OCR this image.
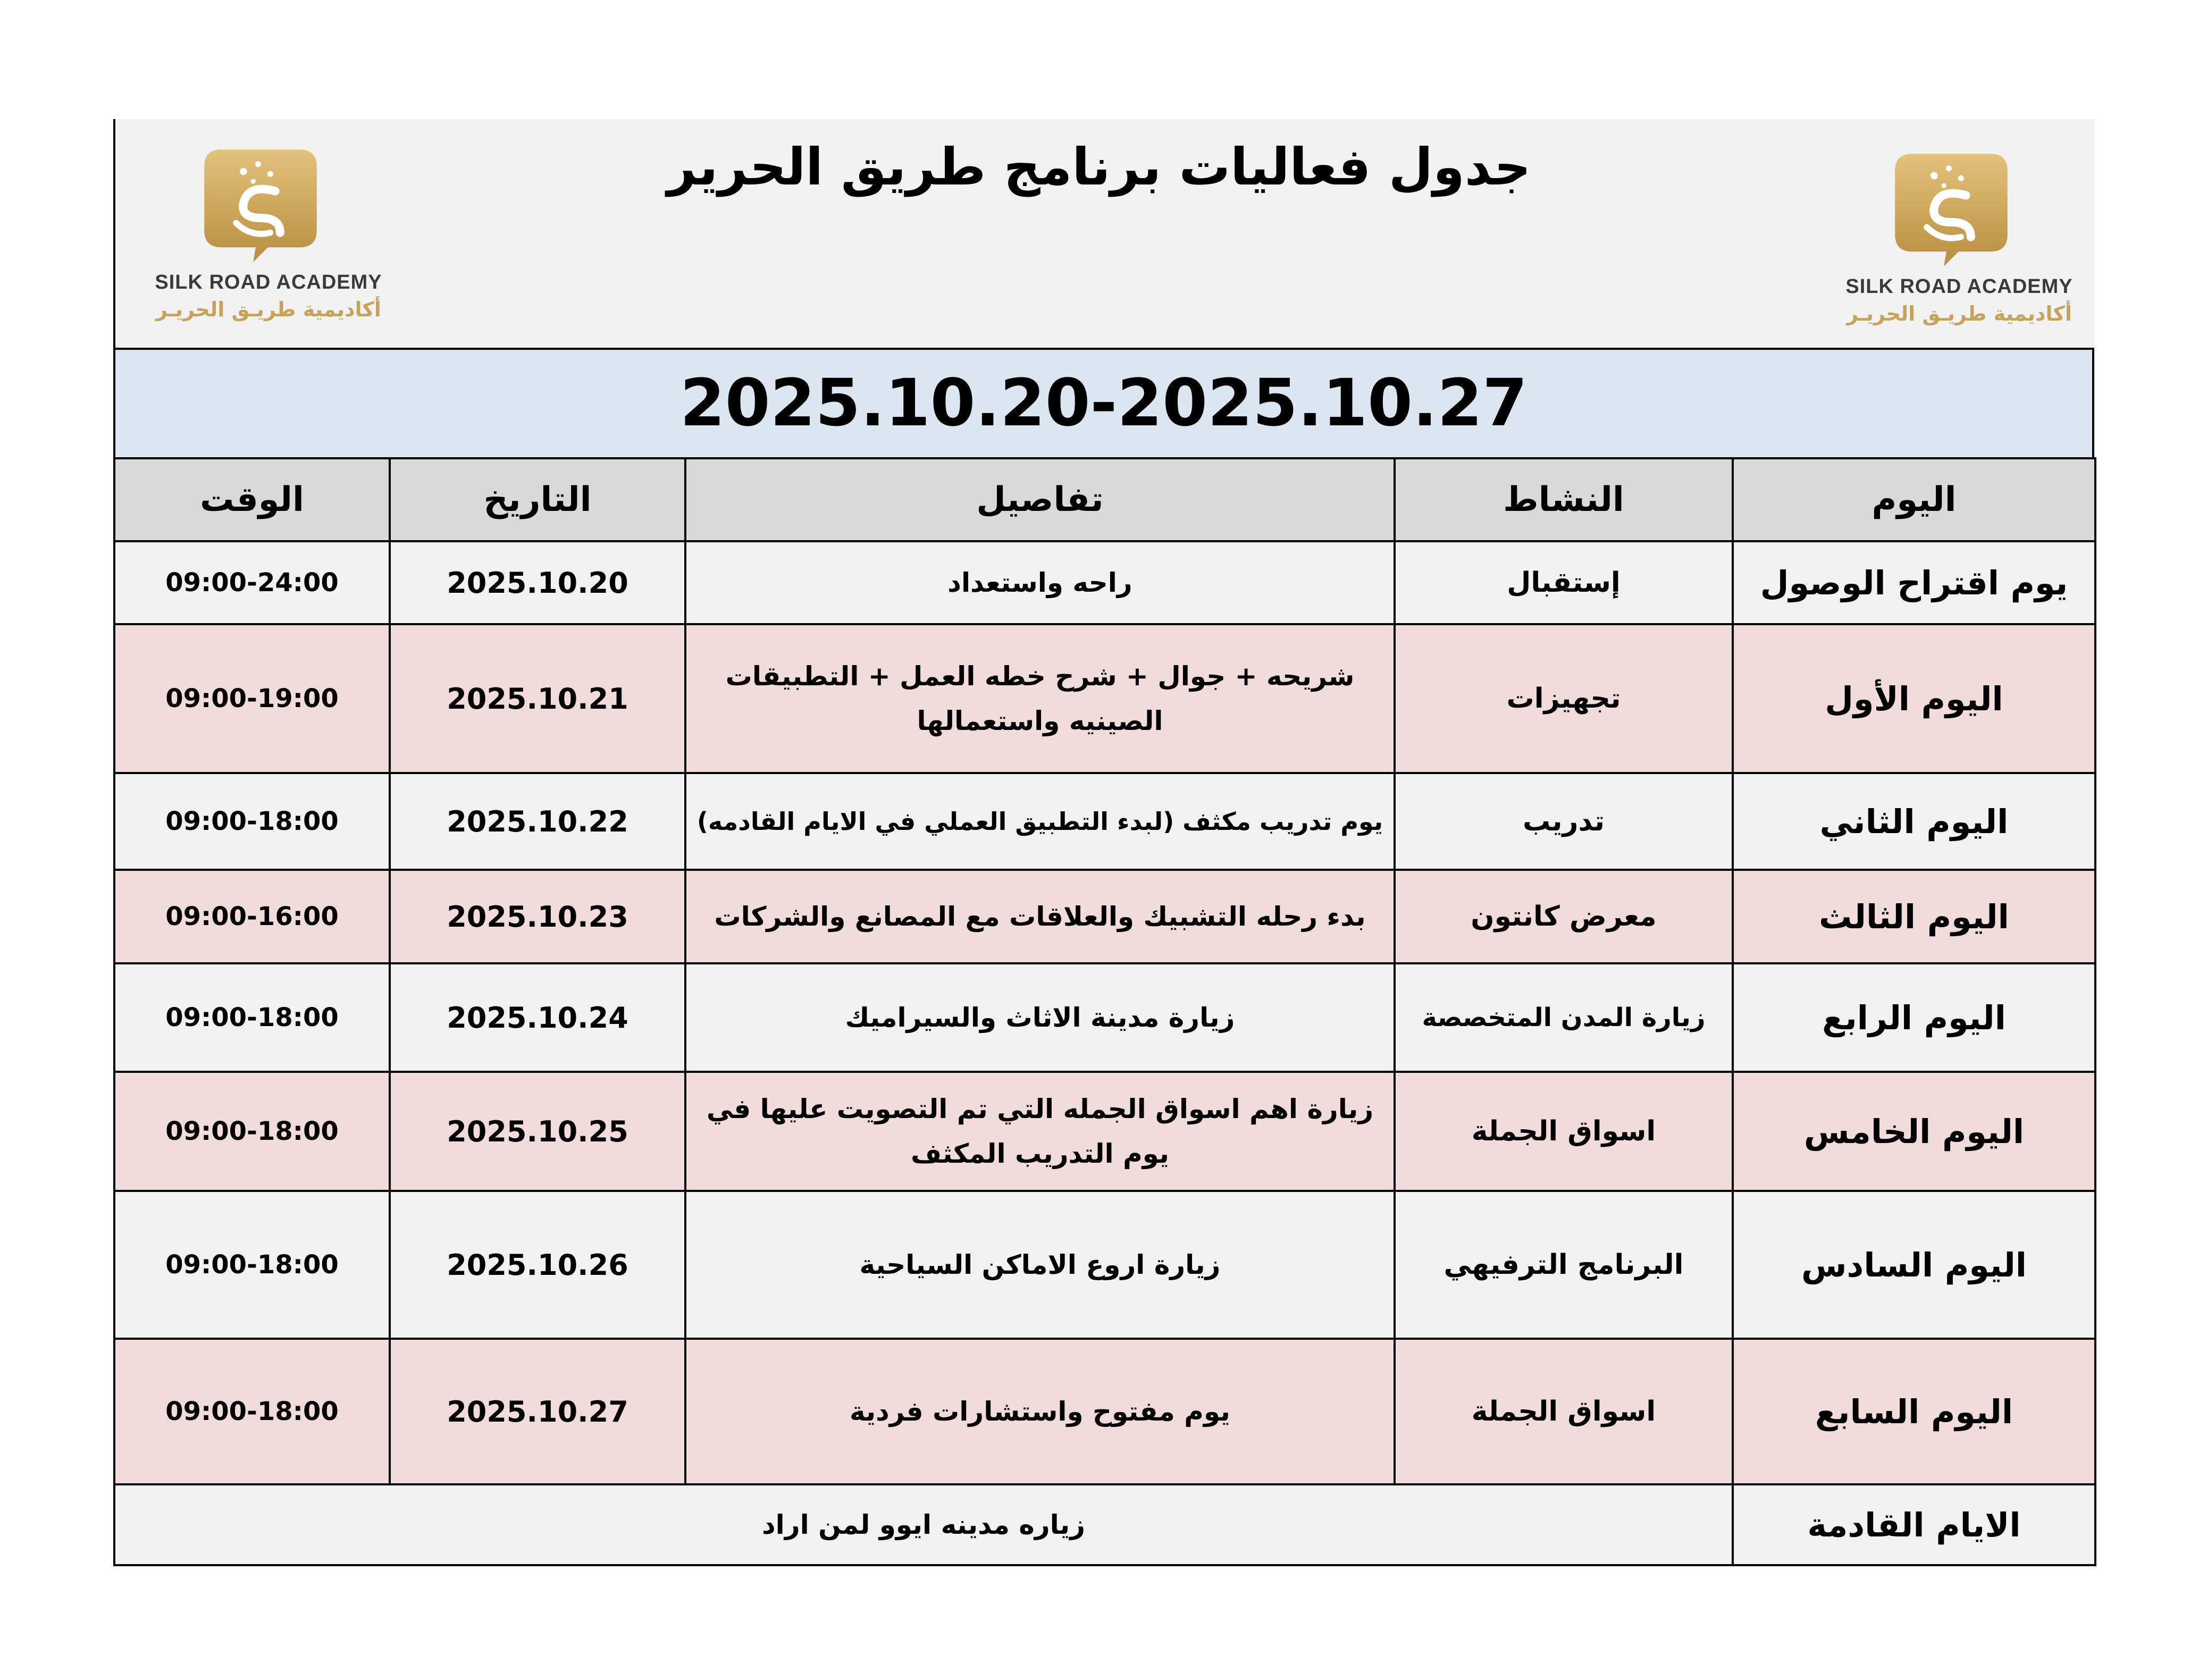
SILK ROAD ACADEMY
أكاديمية طريـق الحريـر
جدول فعاليات برنامج طريق الحرير
SILK ROAD ACADEMY
أكاديمية طريـق الحريـر
2025.10.20-2025.10.27
الوقت	التاريخ	تفاصيل	النشاط	اليوم
09:00-24:00	2025.10.20	راحه واستعداد	إستقبال	يوم اقتراح الوصول
09:00-19:00	2025.10.21	شريحه + جوال + شرح خطه العمل + التطبيقات الصينيه واستعمالها	تجهيزات	اليوم الأول
09:00-18:00	2025.10.22	يوم تدريب مكثف (لبدء التطبيق العملي في الايام القادمه)	تدريب	اليوم الثاني
09:00-16:00	2025.10.23	بدء رحله التشبيك والعلاقات مع المصانع والشركات	معرض كانتون	اليوم الثالث
09:00-18:00	2025.10.24	زيارة مدينة الاثاث والسيراميك	زيارة المدن المتخصصة	اليوم الرابع
09:00-18:00	2025.10.25	زيارة اهم اسواق الجمله التي تم التصويت عليها في يوم التدريب المكثف	اسواق الجملة	اليوم الخامس
09:00-18:00	2025.10.26	زيارة اروع الاماكن السياحية	البرنامج الترفيهي	اليوم السادس
09:00-18:00	2025.10.27	يوم مفتوح واستشارات فردية	اسواق الجملة	اليوم السابع
زياره مدينه ايوو لمن اراد				الايام القادمة
